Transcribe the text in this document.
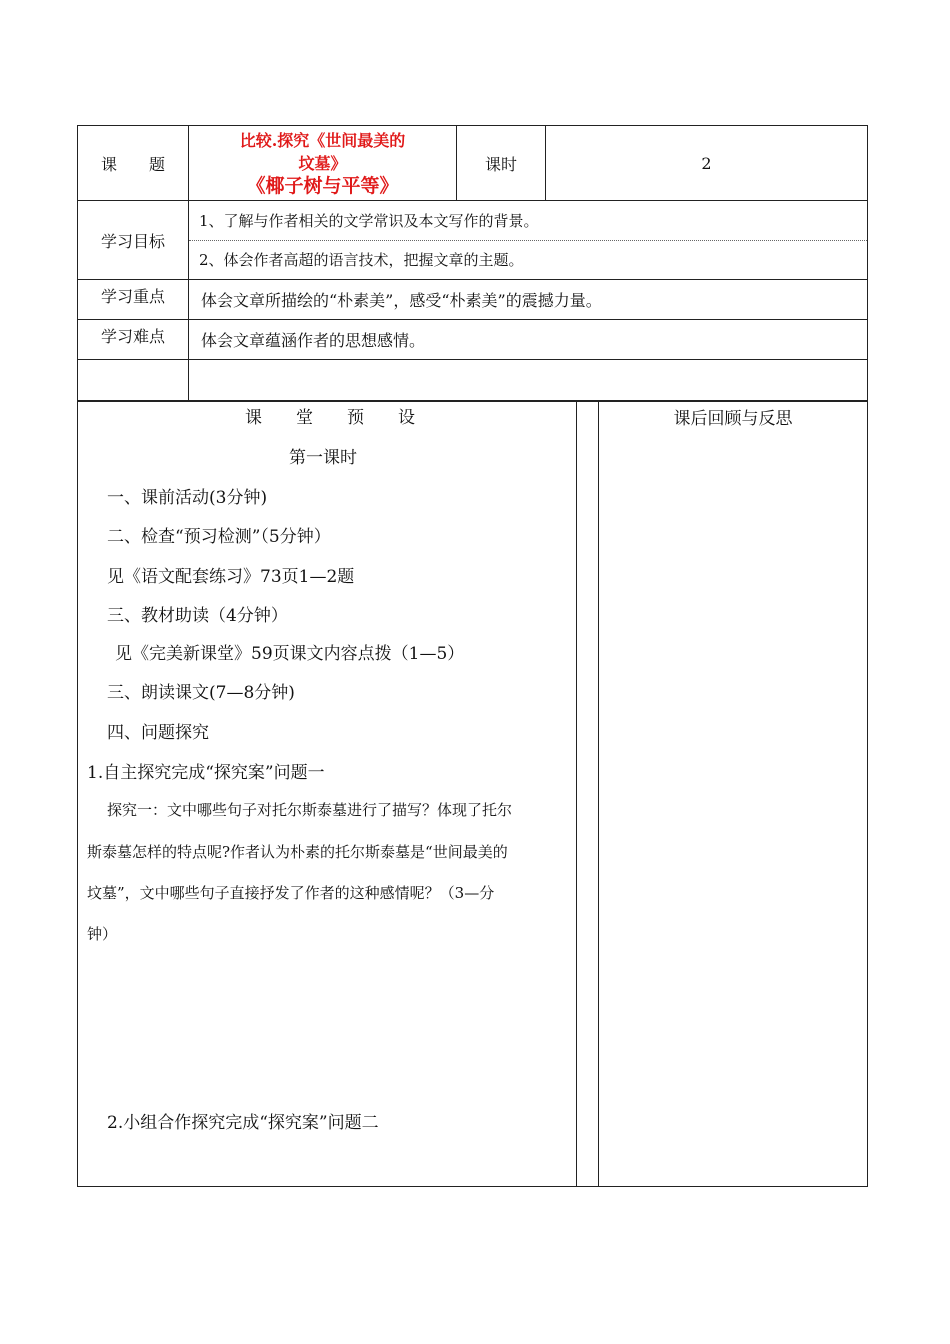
课　　题	比较.探究《世间最美的
坟墓》
《椰子树与平等》	课时	2
学习目标	1、了解与作者相关的文学常识及本文写作的背景。
2、体会作者高超的语言技术，把握文章的主题。		

学习重点	体会文章所描绘的“朴素美”，感受“朴素美”的震撼力量。		
学习难点	体会文章蕴涵作者的思想感情。		

课　　堂　　预　　设
第一课时
一、课前活动(3分钟)
二、检查“预习检测”（5分钟）
见《语文配套练习》73页1—2题
三、教材助读（4分钟）
见《完美新课堂》59页课文内容点拨（1—5）
三、朗读课文(7—8分钟)
四、问题探究
1.自主探究完成“探究案”问题一
探究一：文中哪些句子对托尔斯泰墓进行了描写？体现了托尔
斯泰墓怎样的特点呢?作者认为朴素的托尔斯泰墓是“世间最美的
坟墓”，文中哪些句子直接抒发了作者的这种感情呢？（3—分
钟）
2.小组合作探究完成“探究案”问题二

课后回顾与反思
